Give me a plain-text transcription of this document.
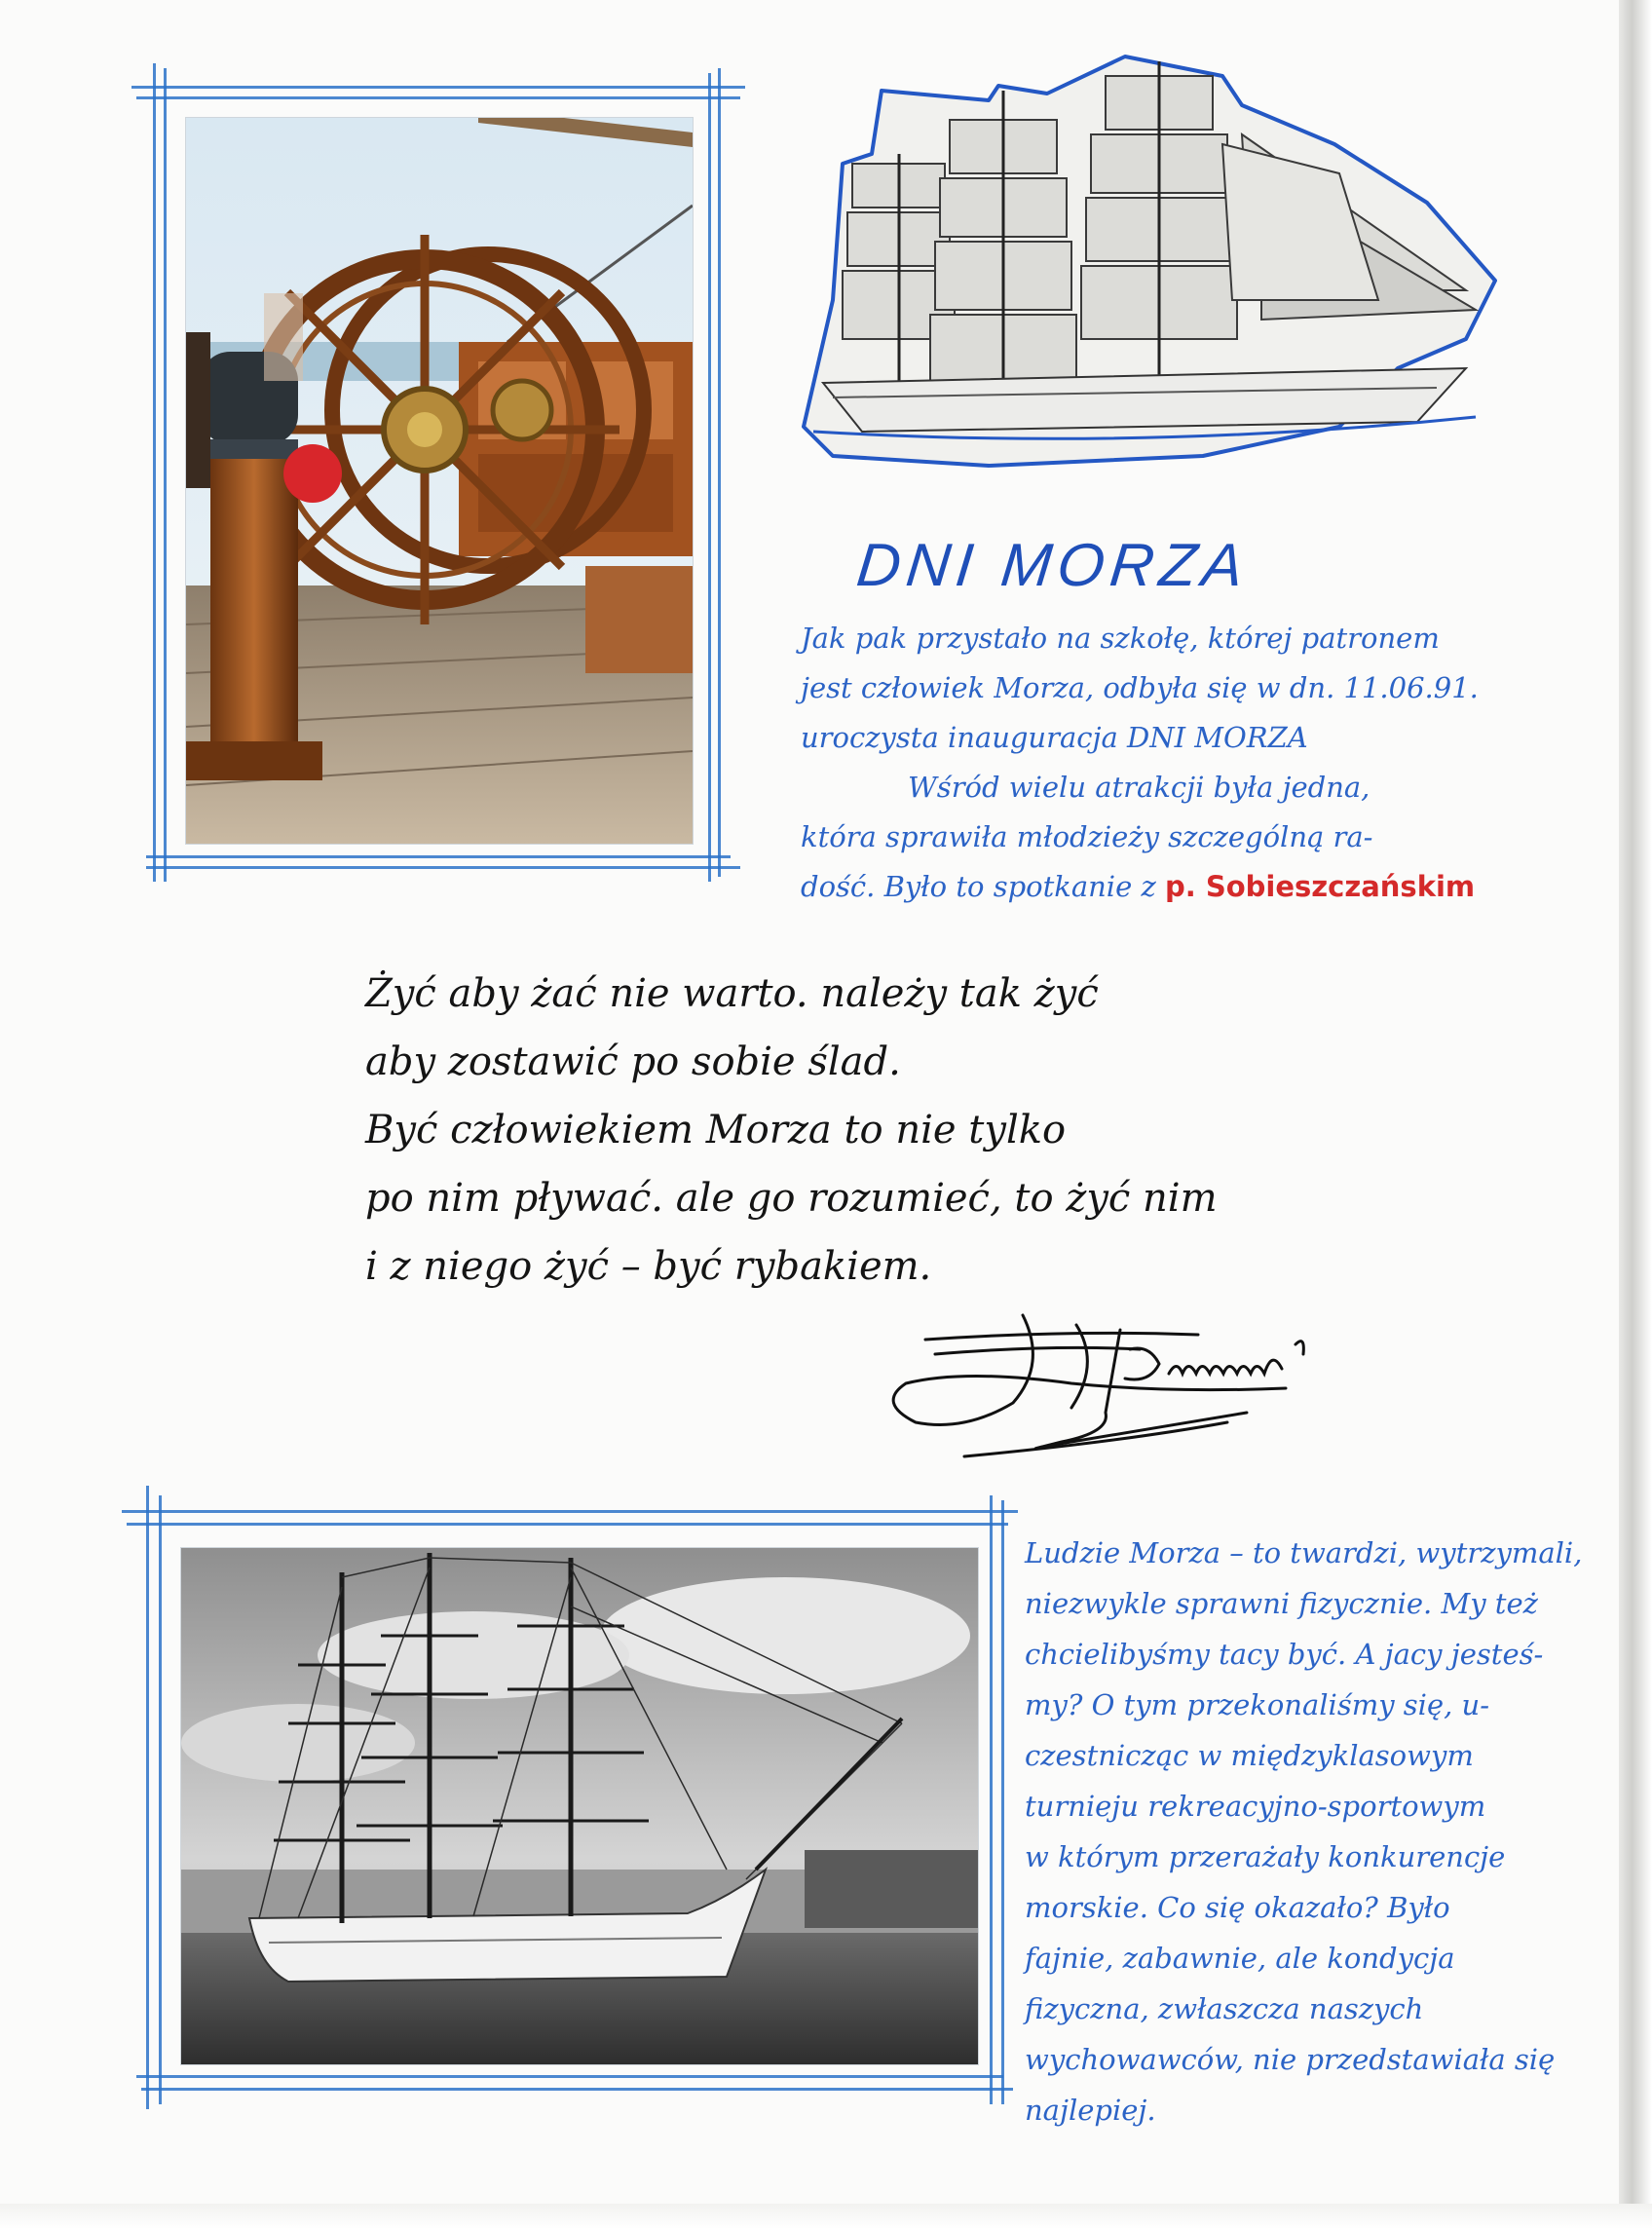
DNI MORZA
Jak pak przystało na szkołę, której patronem
jest człowiek Morza, odbyła się w dn. 11.06.91.
uroczysta inauguracja DNI MORZA
Wśród wielu atrakcji była jedna,
która sprawiła młodzieży szczególną ra-
dość. Było to spotkanie z p. Sobieszczańskim
Żyć aby żać nie warto. należy tak żyć
aby zostawić po sobie ślad.
Być człowiekiem Morza to nie tylko
po nim pływać. ale go rozumieć, to żyć nim
i z niego żyć – być rybakiem.
Ludzie Morza – to twardzi, wytrzymali,
niezwykle sprawni fizycznie. My też
chcielibyśmy tacy być. A jacy jesteś-
my? O tym przekonaliśmy się, u-
czestnicząc w międzyklasowym
turnieju rekreacyjno-sportowym
w którym przerażały konkurencje
morskie. Co się okazało? Było
fajnie, zabawnie, ale kondycja
fizyczna, zwłaszcza naszych
wychowawców, nie przedstawiała się
najlepiej.
